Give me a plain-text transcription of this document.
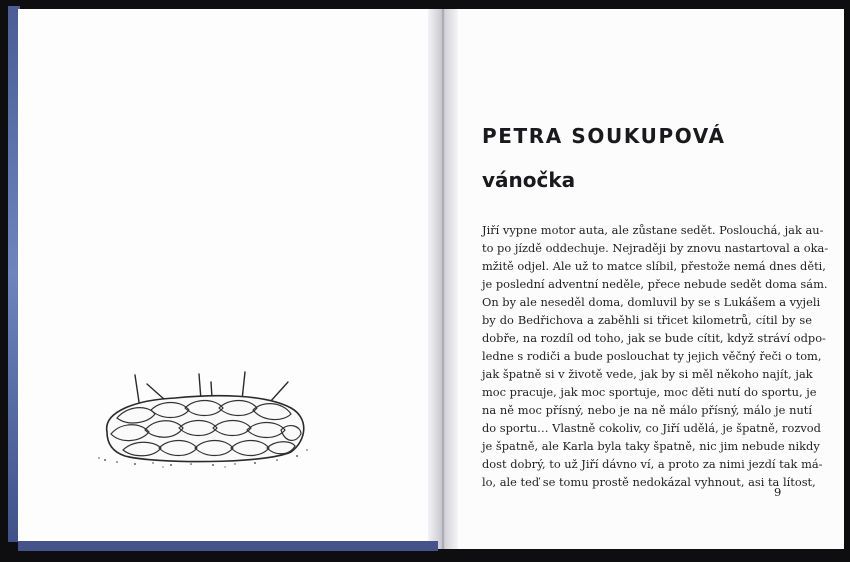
PETRA SOUKUPOVÁ
vánočka
Jiří vypne motor auta, ale zůstane sedět. Poslouchá, jak au-
to po jízdě oddechuje. Nejraději by znovu nastartoval a oka-
mžitě odjel. Ale už to matce slíbil, přestože nemá dnes děti,
je poslední adventní neděle, přece nebude sedět doma sám.
On by ale neseděl doma, domluvil by se s Lukášem a vyjeli
by do Bedřichova a zaběhli si třicet kilometrů, cítil by se
dobře, na rozdíl od toho, jak se bude cítit, když stráví odpo-
ledne s rodiči a bude poslouchat ty jejich věčný řeči o tom,
jak špatně si v životě vede, jak by si měl někoho najít, jak
moc pracuje, jak moc sportuje, moc děti nutí do sportu, je
na ně moc přísný, nebo je na ně málo přísný, málo je nutí
do sportu… Vlastně cokoliv, co Jiří udělá, je špatně, rozvod
je špatně, ale Karla byla taky špatně, nic jim nebude nikdy
dost dobrý, to už Jiří dávno ví, a proto za nimi jezdí tak má-
lo, ale teď se tomu prostě nedokázal vyhnout, asi ta lítost,

9
